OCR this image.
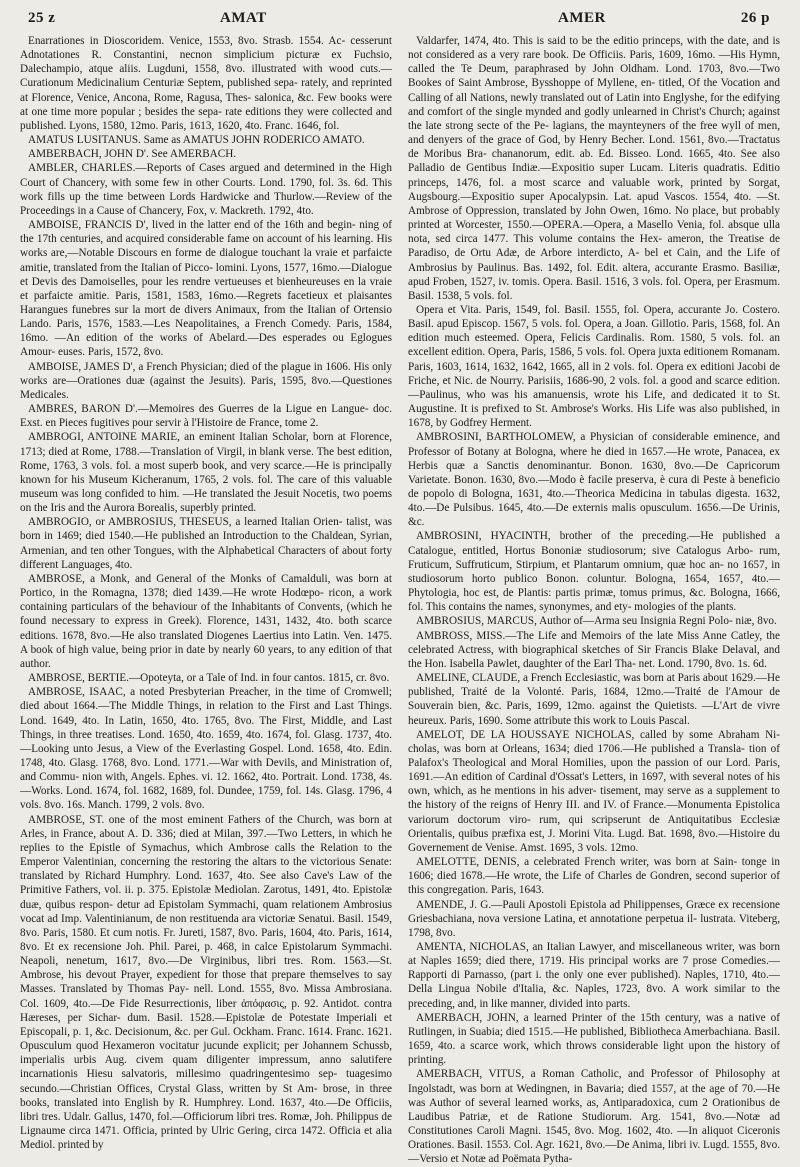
25 z	AMAT	AMER	26 p

Enarrationes in Dioscoridem. Venice, 1553, 8vo. Strasb. 1554. Ac- cesserunt Adnotationes R. Constantini, necnon simplicium picturæ ex Fuchsio, Dalechampio, atque aliis. Lugduni, 1558, 8vo. illustrated with wood cuts.—Curationum Medicinalium Centuriæ Septem, published sepa- rately, and reprinted at Florence, Venice, Ancona, Rome, Ragusa, Thes- salonica, &c. Few books were at one time more popular ; besides the sepa- rate editions they were collected and published. Lyons, 1580, 12mo. Paris, 1613, 1620, 4to. Franc. 1646, fol.

AMATUS LUSITANUS. Same as AMATUS JOHN RODERICO AMATO.

AMBERBACH, JOHN D'. See AMERBACH.

AMBLER, CHARLES.—Reports of Cases argued and determined in the High Court of Chancery, with some few in other Courts. Lond. 1790, fol. 3s. 6d. This work fills up the time between Lords Hardwicke and Thurlow.—Review of the Proceedings in a Cause of Chancery, Fox, v. Mackreth. 1792, 4to.

AMBOISE, FRANCIS D', lived in the latter end of the 16th and begin- ning of the 17th centuries, and acquired considerable fame on account of his learning. His works are,—Notable Discours en forme de dialogue touchant la vraie et parfaicte amitie, translated from the Italian of Picco- lomini. Lyons, 1577, 16mo.—Dialogue et Devis des Damoiselles, pour les rendre vertueuses et bienheureuses en la vraie et parfaicte amitie. Paris, 1581, 1583, 16mo.—Regrets facetieux et plaisantes Harangues funebres sur la mort de divers Animaux, from the Italian of Ortensio Lando. Paris, 1576, 1583.—Les Neapolitaines, a French Comedy. Paris, 1584, 16mo. —An edition of the works of Abelard.—Des esperades ou Eglogues Amour- euses. Paris, 1572, 8vo.

AMBOISE, JAMES D', a French Physician; died of the plague in 1606. His only works are—Orationes duæ (against the Jesuits). Paris, 1595, 8vo.—Questiones Medicales.

AMBRES, BARON D'.—Memoires des Guerres de la Ligue en Langue- doc. Exst. en Pieces fugitives pour servir à l'Histoire de France, tome 2.

AMBROGI, ANTOINE MARIE, an eminent Italian Scholar, born at Florence, 1713; died at Rome, 1788.—Translation of Virgil, in blank verse. The best edition, Rome, 1763, 3 vols. fol. a most superb book, and very scarce.—He is principally known for his Museum Kicheranum, 1765, 2 vols. fol. The care of this valuable museum was long confided to him. —He translated the Jesuit Nocetis, two poems on the Iris and the Aurora Borealis, superbly printed.

AMBROGIO, or AMBROSIUS, THESEUS, a learned Italian Orien- talist, was born in 1469; died 1540.—He published an Introduction to the Chaldean, Syrian, Armenian, and ten other Tongues, with the Alphabetical Characters of about forty different Languages, 4to.

AMBROSE, a Monk, and General of the Monks of Camalduli, was born at Portico, in the Romagna, 1378; died 1439.—He wrote Hodœpo- ricon, a work containing particulars of the behaviour of the Inhabitants of Convents, (which he found necessary to express in Greek). Florence, 1431, 1432, 4to. both scarce editions. 1678, 8vo.—He also translated Diogenes Laertius into Latin. Ven. 1475. A book of high value, being prior in date by nearly 60 years, to any edition of that author.

AMBROSE, BERTIE.—Opoteyta, or a Tale of Ind. in four cantos. 1815, cr. 8vo.

AMBROSE, ISAAC, a noted Presbyterian Preacher, in the time of Cromwell; died about 1664.—The Middle Things, in relation to the First and Last Things. Lond. 1649, 4to. In Latin, 1650, 4to. 1765, 8vo. The First, Middle, and Last Things, in three treatises. Lond. 1650, 4to. 1659, 4to. 1674, fol. Glasg. 1737, 4to.—Looking unto Jesus, a View of the Everlasting Gospel. Lond. 1658, 4to. Edin. 1748, 4to. Glasg. 1768, 8vo. Lond. 1771.—War with Devils, and Ministration of, and Commu- nion with, Angels. Ephes. vi. 12. 1662, 4to. Portrait. Lond. 1738, 4s. —Works. Lond. 1674, fol. 1682, 1689, fol. Dundee, 1759, fol. 14s. Glasg. 1796, 4 vols. 8vo. 16s. Manch. 1799, 2 vols. 8vo.

AMBROSE, ST. one of the most eminent Fathers of the Church, was born at Arles, in France, about A. D. 336; died at Milan, 397.—Two Letters, in which he replies to the Epistle of Symachus, which Ambrose calls the Relation to the Emperor Valentinian, concerning the restoring the altars to the victorious Senate: translated by Richard Humphry. Lond. 1637, 4to. See also Cave's Law of the Primitive Fathers, vol. ii. p. 375. Epistolæ Mediolan. Zarotus, 1491, 4to. Epistolæ duæ, quibus respon- detur ad Epistolam Symmachi, quam relationem Ambrosius vocat ad Imp. Valentinianum, de non restituenda ara victoriæ Senatui. Basil. 1549, 8vo. Paris, 1580. Et cum notis. Fr. Jureti, 1587, 8vo. Paris, 1604, 4to. Paris, 1614, 8vo. Et ex recensione Joh. Phil. Parei, p. 468, in calce Epistolarum Symmachi. Neapoli, nenetum, 1617, 8vo.—De Virginibus, libri tres. Rom. 1563.—St. Ambrose, his devout Prayer, expedient for those that prepare themselves to say Masses. Translated by Thomas Pay- nell. Lond. 1555, 8vo. Missa Ambrosiana. Col. 1609, 4to.—De Fide Resurrectionis, liber ἀπόφασις, p. 92. Antidot. contra Hæreses, per Sichar- dum. Basil. 1528.—Epistolæ de Potestate Imperiali et Episcopali, p. 1, &c. Decisionum, &c. per Gul. Ockham. Franc. 1614. Franc. 1621. Opusculum quod Hexameron vocitatur jucunde explicit; per Johannem Schussb, imperialis urbis Aug. civem quam diligenter impressum, anno salutifere incarnationis Hiesu salvatoris, millesimo quadringentesimo sep- tuagesimo secundo.—Christian Offices, Crystal Glass, written by St Am- brose, in three books, translated into English by R. Humphrey. Lond. 1637, 4to.—De Officiis, libri tres. Udalr. Gallus, 1470, fol.—Officiorum libri tres. Romæ, Joh. Philippus de Lignaume circa 1471. Officia, printed by Ulric Gering, circa 1472. Officia et alia Mediol. printed by

Valdarfer, 1474, 4to. This is said to be the editio princeps, with the date, and is not considered as a very rare book. De Officiis. Paris, 1609, 16mo. —His Hymn, called the Te Deum, paraphrased by John Oldham. Lond. 1703, 8vo.—Two Bookes of Saint Ambrose, Bysshoppe of Myllene, en- titled, Of the Vocation and Calling of all Nations, newly translated out of Latin into Englyshe, for the edifying and comfort of the single mynded and godly unlearned in Christ's Church; against the late strong secte of the Pe- lagians, the maynteyners of the free wyll of men, and denyers of the grace of God, by Henry Becher. Lond. 1561, 8vo.—Tractatus de Moribus Bra- chananorum, edit. ab. Ed. Bisseo. Lond. 1665, 4to. See also Palladio de Gentibus Indiæ.—Expositio super Lucam. Literis quadratis. Editio princeps, 1476, fol. a most scarce and valuable work, printed by Sorgat, Augsbourg.—Expositio super Apocalypsin. Lat. apud Vascos. 1554, 4to. —St. Ambrose of Oppression, translated by John Owen, 16mo. No place, but probably printed at Worcester, 1550.—OPERA.—Opera, a Masello Venia, fol. absque ulla nota, sed circa 1477. This volume contains the Hex- ameron, the Treatise de Paradiso, de Ortu Adæ, de Arbore interdicto, A- bel et Cain, and the Life of Ambrosius by Paulinus. Bas. 1492, fol. Edit. altera, accurante Erasmo. Basiliæ, apud Froben, 1527, iv. tomis. Opera. Basil. 1516, 3 vols. fol. Opera, per Erasmum. Basil. 1538, 5 vols. fol.

Opera et Vita. Paris, 1549, fol. Basil. 1555, fol. Opera, accurante Jo. Costero. Basil. apud Episcop. 1567, 5 vols. fol. Opera, a Joan. Gillotio. Paris, 1568, fol. An edition much esteemed. Opera, Felicis Cardinalis. Rom. 1580, 5 vols. fol. an excellent edition. Opera, Paris, 1586, 5 vols. fol. Opera juxta editionem Romanam. Paris, 1603, 1614, 1632, 1642, 1665, all in 2 vols. fol. Opera ex editioni Jacobi de Friche, et Nic. de Nourry. Parisiis, 1686-90, 2 vols. fol. a good and scarce edition.—Paulinus, who was his amanuensis, wrote his Life, and dedicated it to St. Augustine. It is prefixed to St. Ambrose's Works. His Life was also published, in 1678, by Godfrey Herment.

AMBROSINI, BARTHOLOMEW, a Physician of considerable eminence, and Professor of Botany at Bologna, where he died in 1657.—He wrote, Panacea, ex Herbis quæ a Sanctis denominantur. Bonon. 1630, 8vo.—De Capricorum Varietate. Bonon. 1630, 8vo.—Modo è facile preserva, è cura di Peste à beneficio de popolo di Bologna, 1631, 4to.—Theorica Medicina in tabulas digesta. 1632, 4to.—De Pulsibus. 1645, 4to.—De externis malis opusculum. 1656.—De Urinis, &c.

AMBROSINI, HYACINTH, brother of the preceding.—He published a Catalogue, entitled, Hortus Bononiæ studiosorum; sive Catalogus Arbo- rum, Fruticum, Suffruticum, Stirpium, et Plantarum omnium, quæ hoc an- no 1657, in studiosorum horto publico Bonon. coluntur. Bologna, 1654, 1657, 4to.—Phytologia, hoc est, de Plantis: partis primæ, tomus primus, &c. Bologna, 1666, fol. This contains the names, synonymes, and ety- mologies of the plants.

AMBROSIUS, MARCUS, Author of—Arma seu Insignia Regni Polo- niæ, 8vo.

AMBROSS, MISS.—The Life and Memoirs of the late Miss Anne Catley, the celebrated Actress, with biographical sketches of Sir Francis Blake Delaval, and the Hon. Isabella Pawlet, daughter of the Earl Tha- net. Lond. 1790, 8vo. 1s. 6d.

AMELINE, CLAUDE, a French Ecclesiastic, was born at Paris about 1629.—He published, Traité de la Volonté. Paris, 1684, 12mo.—Traité de l'Amour de Souverain bien, &c. Paris, 1699, 12mo. against the Quietists. —L'Art de vivre heureux. Paris, 1690. Some attribute this work to Louis Pascal.

AMELOT, DE LA HOUSSAYE NICHOLAS, called by some Abraham Ni- cholas, was born at Orleans, 1634; died 1706.—He published a Transla- tion of Palafox's Theological and Moral Homilies, upon the passion of our Lord. Paris, 1691.—An edition of Cardinal d'Ossat's Letters, in 1697, with several notes of his own, which, as he mentions in his adver- tisement, may serve as a supplement to the history of the reigns of Henry III. and IV. of France.—Monumenta Epistolica variorum doctorum viro- rum, qui scripserunt de Antiquitatibus Ecclesiæ Orientalis, quibus præfixa est, J. Morini Vita. Lugd. Bat. 1698, 8vo.—Histoire du Governement de Venise. Amst. 1695, 3 vols. 12mo.

AMELOTTE, DENIS, a celebrated French writer, was born at Sain- tonge in 1606; died 1678.—He wrote, the Life of Charles de Gondren, second superior of this congregation. Paris, 1643.

AMENDE, J. G.—Pauli Apostoli Epistola ad Philippenses, Græce ex recensione Griesbachiana, nova versione Latina, et annotatione perpetua il- lustrata. Viteberg, 1798, 8vo.

AMENTA, NICHOLAS, an Italian Lawyer, and miscellaneous writer, was born at Naples 1659; died there, 1719. His principal works are 7 prose Comedies.—Rapporti di Parnasso, (part i. the only one ever published). Naples, 1710, 4to.—Della Lingua Nobile d'Italia, &c. Naples, 1723, 8vo. A work similar to the preceding, and, in like manner, divided into parts.

AMERBACH, JOHN, a learned Printer of the 15th century, was a native of Rutlingen, in Suabia; died 1515.—He published, Bibliotheca Amerbachiana. Basil. 1659, 4to. a scarce work, which throws considerable light upon the history of printing.

AMERBACH, VITUS, a Roman Catholic, and Professor of Philosophy at Ingolstadt, was born at Wedingnen, in Bavaria; died 1557, at the age of 70.—He was Author of several learned works, as, Antiparadoxica, cum 2 Orationibus de Laudibus Patriæ, et de Ratione Studiorum. Arg. 1541, 8vo.—Notæ ad Constitutiones Caroli Magni. 1545, 8vo. Mog. 1602, 4to. —In aliquot Ciceronis Orationes. Basil. 1553. Col. Agr. 1621, 8vo.—De Anima, libri iv. Lugd. 1555, 8vo.—Versio et Notæ ad Poëmata Pytha-
